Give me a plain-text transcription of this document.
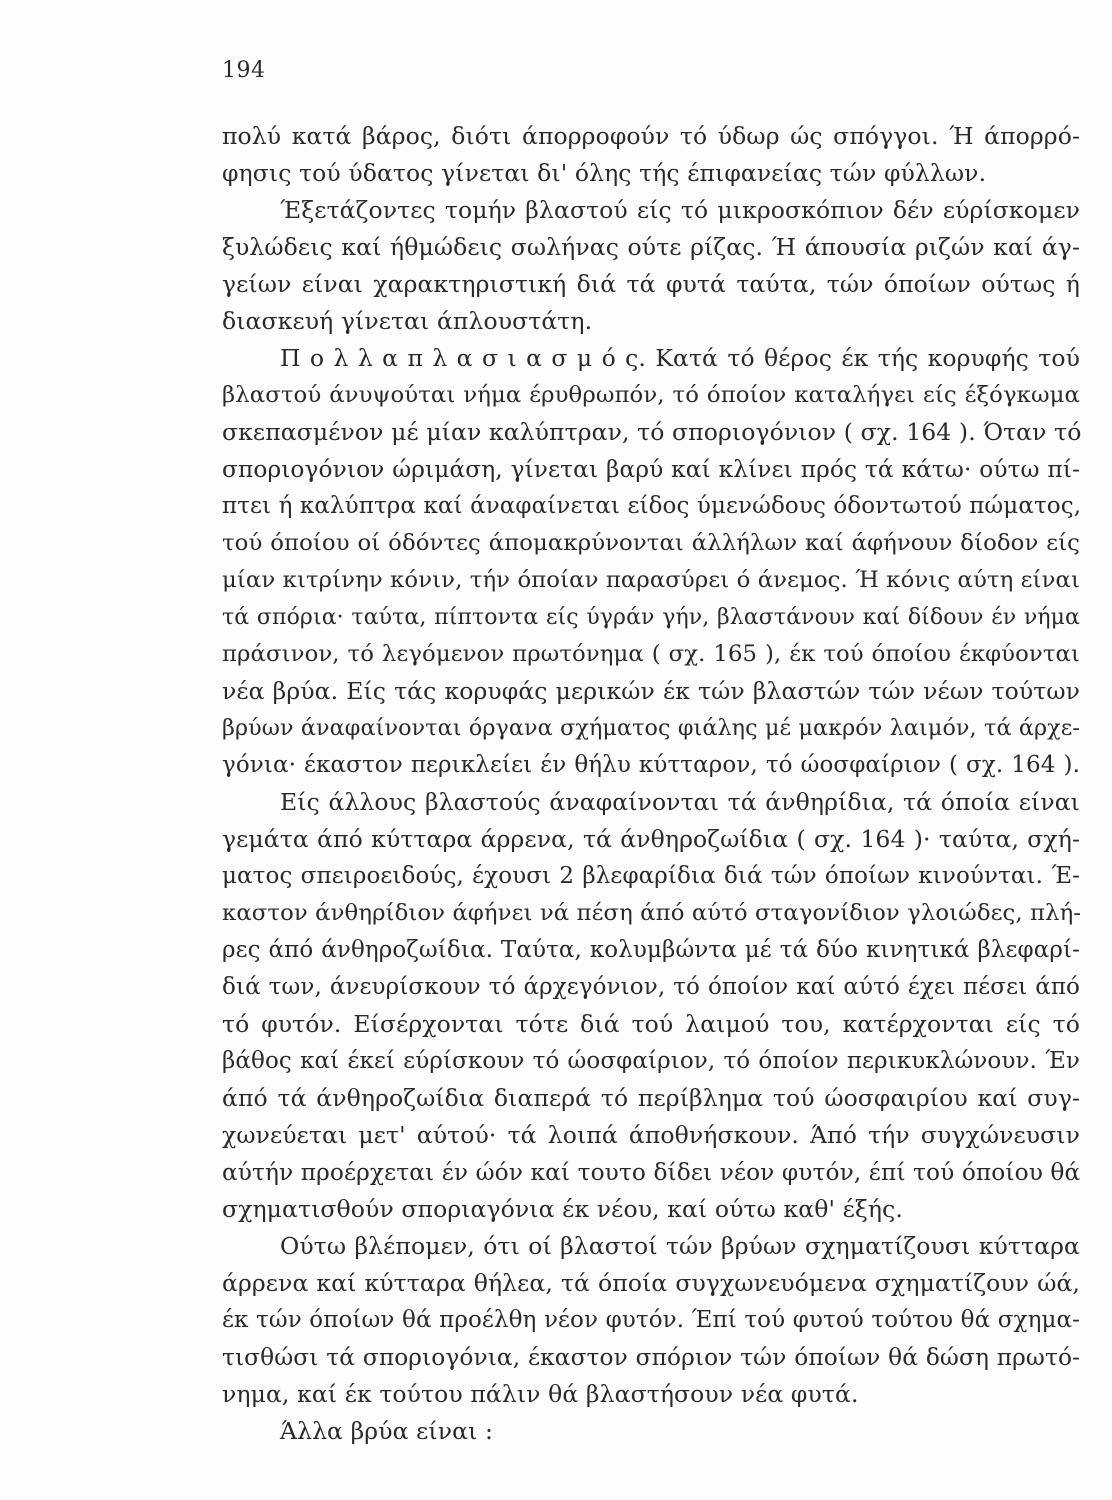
194
πολύ κατά βάρος, διότι άπορροφούν τό ύδωρ ώς σπόγγοι. Ή άπορρό-
φησις τού ύδατος γίνεται δι' όλης τής έπιφανείας τών φύλλων.
Έξετάζοντες τομήν βλαστού είς τό μικροσκόπιον δέν εύρίσκομεν
ξυλώδεις καί ήθμώδεις σωλήνας ούτε ρίζας. Ή άπουσία ριζών καί άγ-
γείων είναι χαρακτηριστική διά τά φυτά ταύτα, τών όποίων ούτως ή
διασκευή γίνεται άπλουστάτη.
Π ο λ λ α π λ α σ ι α σ μ ό ς. Κατά τό θέρος έκ τής κορυφής τού
βλαστού άνυψούται νήμα έρυθρωπόν, τό όποίον καταλήγει είς έξόγκωμα
σκεπασμένον μέ μίαν καλύπτραν, τό σποριογόνιον ( σχ. 164 ). Όταν τό
σποριογόνιον ώριμάση, γίνεται βαρύ καί κλίνει πρός τά κάτω· ούτω πί-
πτει ή καλύπτρα καί άναφαίνεται είδος ύμενώδους όδοντωτού πώματος,
τού όποίου οί όδόντες άπομακρύνονται άλλήλων καί άφήνουν δίοδον είς
μίαν κιτρίνην κόνιν, τήν όποίαν παρασύρει ό άνεμος. Ή κόνις αύτη είναι
τά σπόρια· ταύτα, πίπτοντα είς ύγράν γήν, βλαστάνουν καί δίδουν έν νήμα
πράσινον, τό λεγόμενον πρωτόνημα ( σχ. 165 ), έκ τού όποίου έκφύονται
νέα βρύα. Είς τάς κορυφάς μερικών έκ τών βλαστών τών νέων τούτων
βρύων άναφαίνονται όργανα σχήματος φιάλης μέ μακρόν λαιμόν, τά άρχε-
γόνια· έκαστον περικλείει έν θήλυ κύτταρον, τό ώοσφαίριον ( σχ. 164 ).
Είς άλλους βλαστούς άναφαίνονται τά άνθηρίδια, τά όποία είναι
γεμάτα άπό κύτταρα άρρενα, τά άνθηροζωίδια ( σχ. 164 )· ταύτα, σχή-
ματος σπειροειδούς, έχουσι 2 βλεφαρίδια διά τών όποίων κινούνται. Έ-
καστον άνθηρίδιον άφήνει νά πέση άπό αύτό σταγονίδιον γλοιώδες, πλή-
ρες άπό άνθηροζωίδια. Ταύτα, κολυμβώντα μέ τά δύο κινητικά βλεφαρί-
διά των, άνευρίσκουν τό άρχεγόνιον, τό όποίον καί αύτό έχει πέσει άπό
τό φυτόν. Είσέρχονται τότε διά τού λαιμού του, κατέρχονται είς τό
βάθος καί έκεί εύρίσκουν τό ώοσφαίριον, τό όποίον περικυκλώνουν. Έν
άπό τά άνθηροζωίδια διαπερά τό περίβλημα τού ώοσφαιρίου καί συγ-
χωνεύεται μετ' αύτού· τά λοιπά άποθνήσκουν. Άπό τήν συγχώνευσιν
αύτήν προέρχεται έν ώόν καί τουτο δίδει νέον φυτόν, έπί τού όποίου θά
σχηματισθούν σποριαγόνια έκ νέου, καί ούτω καθ' έξής.
Ούτω βλέπομεν, ότι οί βλαστοί τών βρύων σχηματίζουσι κύτταρα
άρρενα καί κύτταρα θήλεα, τά όποία συγχωνευόμενα σχηματίζουν ώά,
έκ τών όποίων θά προέλθη νέον φυτόν. Έπί τού φυτού τούτου θά σχημα-
τισθώσι τά σποριογόνια, έκαστον σπόριον τών όποίων θά δώση πρωτό-
νημα, καί έκ τούτου πάλιν θά βλαστήσουν νέα φυτά.
Άλλα βρύα είναι :
